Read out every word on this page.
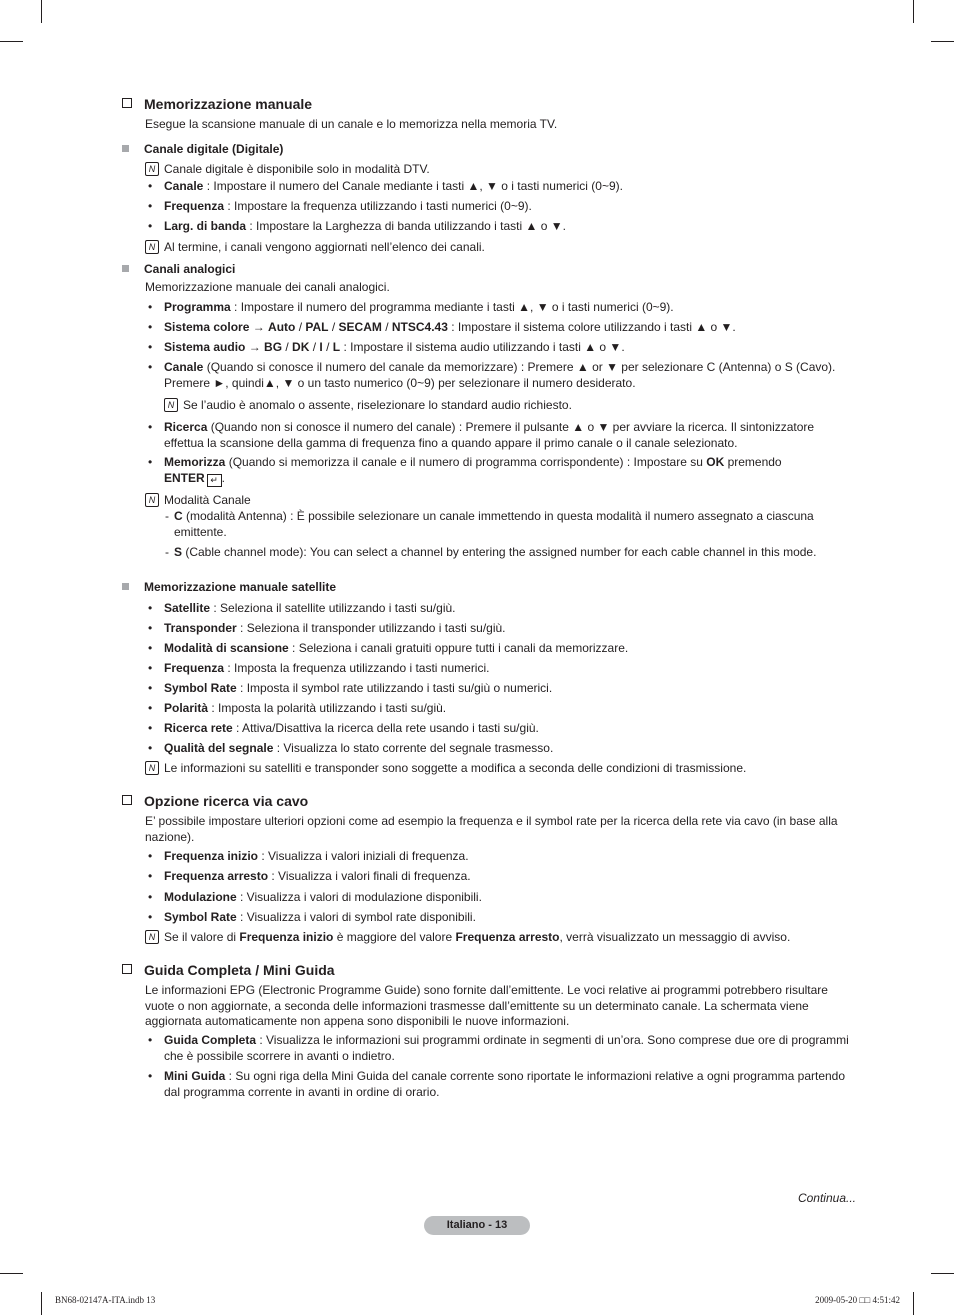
Memorizzazione manuale
Esegue la scansione manuale di un canale e lo memorizza nella memoria TV.
Canale digitale (Digitale)
N Canale digitale è disponibile solo in modalità DTV.
• Canale : Impostare il numero del Canale mediante i tasti ▲, ▼ o i tasti numerici (0~9).
• Frequenza : Impostare la frequenza utilizzando i tasti numerici (0~9).
• Larg. di banda : Impostare la Larghezza di banda utilizzando i tasti ▲ o ▼.
N Al termine, i canali vengono aggiornati nell’elenco dei canali.
Canali analogici
Memorizzazione manuale dei canali analogici.
• Programma : Impostare il numero del programma mediante i tasti ▲, ▼ o i tasti numerici (0~9).
• Sistema colore → Auto / PAL / SECAM / NTSC4.43 : Impostare il sistema colore utilizzando i tasti ▲ o ▼.
• Sistema audio → BG / DK / I / L : Impostare il sistema audio utilizzando i tasti ▲ o ▼.
• Canale (Quando si conosce il numero del canale da memorizzare) : Premere ▲ or ▼ per selezionare C (Antenna) o S (Cavo). Premere ►, quindi▲, ▼ o un tasto numerico (0~9) per selezionare il numero desiderato.
N Se l’audio è anomalo o assente, riselezionare lo standard audio richiesto.
• Ricerca (Quando non si conosce il numero del canale) : Premere il pulsante ▲ o ▼ per avviare la ricerca. Il sintonizzatore effettua la scansione della gamma di frequenza fino a quando appare il primo canale o il canale selezionato.
• Memorizza (Quando si memorizza il canale e il numero di programma corrispondente) : Impostare su OK premendo
ENTER ↵ .
N Modalità Canale
- C (modalità Antenna) : È possibile selezionare un canale immettendo in questa modalità il numero assegnato a ciascuna emittente.
- S (Cable channel mode): You can select a channel by entering the assigned number for each cable channel in this mode.
Memorizzazione manuale satellite
• Satellite : Seleziona il satellite utilizzando i tasti su/giù.
• Transponder : Seleziona il transponder utilizzando i tasti su/giù.
• Modalità di scansione : Seleziona i canali gratuiti oppure tutti i canali da memorizzare.
• Frequenza : Imposta la frequenza utilizzando i tasti numerici.
• Symbol Rate : Imposta il symbol rate utilizzando i tasti su/giù o numerici.
• Polarità : Imposta la polarità utilizzando i tasti su/giù.
• Ricerca rete : Attiva/Disattiva la ricerca della rete usando i tasti su/giù.
• Qualità del segnale : Visualizza lo stato corrente del segnale trasmesso.
N Le informazioni su satelliti e transponder sono soggette a modifica a seconda delle condizioni di trasmissione.
Opzione ricerca via cavo
E’ possibile impostare ulteriori opzioni come ad esempio la frequenza e il symbol rate per la ricerca della rete via cavo (in base alla nazione).
• Frequenza inizio : Visualizza i valori iniziali di frequenza.
• Frequenza arresto : Visualizza i valori finali di frequenza.
• Modulazione : Visualizza i valori di modulazione disponibili.
• Symbol Rate : Visualizza i valori di symbol rate disponibili.
N Se il valore di Frequenza inizio è maggiore del valore Frequenza arresto, verrà visualizzato un messaggio di avviso.
Guida Completa / Mini Guida
Le informazioni EPG (Electronic Programme Guide) sono fornite dall’emittente. Le voci relative ai programmi potrebbero risultare vuote o non aggiornate, a seconda delle informazioni trasmesse dall’emittente su un determinato canale. La schermata viene aggiornata automaticamente non appena sono disponibili le nuove informazioni.
• Guida Completa : Visualizza le informazioni sui programmi ordinate in segmenti di un’ora. Sono comprese due ore di programmi che è possibile scorrere in avanti o indietro.
• Mini Guida : Su ogni riga della Mini Guida del canale corrente sono riportate le informazioni relative a ogni programma partendo dal programma corrente in avanti in ordine di orario.
Continua...
Italiano - 13
BN68-02147A-ITA.indb 13	2009-05-20 □□ 4:51:42
